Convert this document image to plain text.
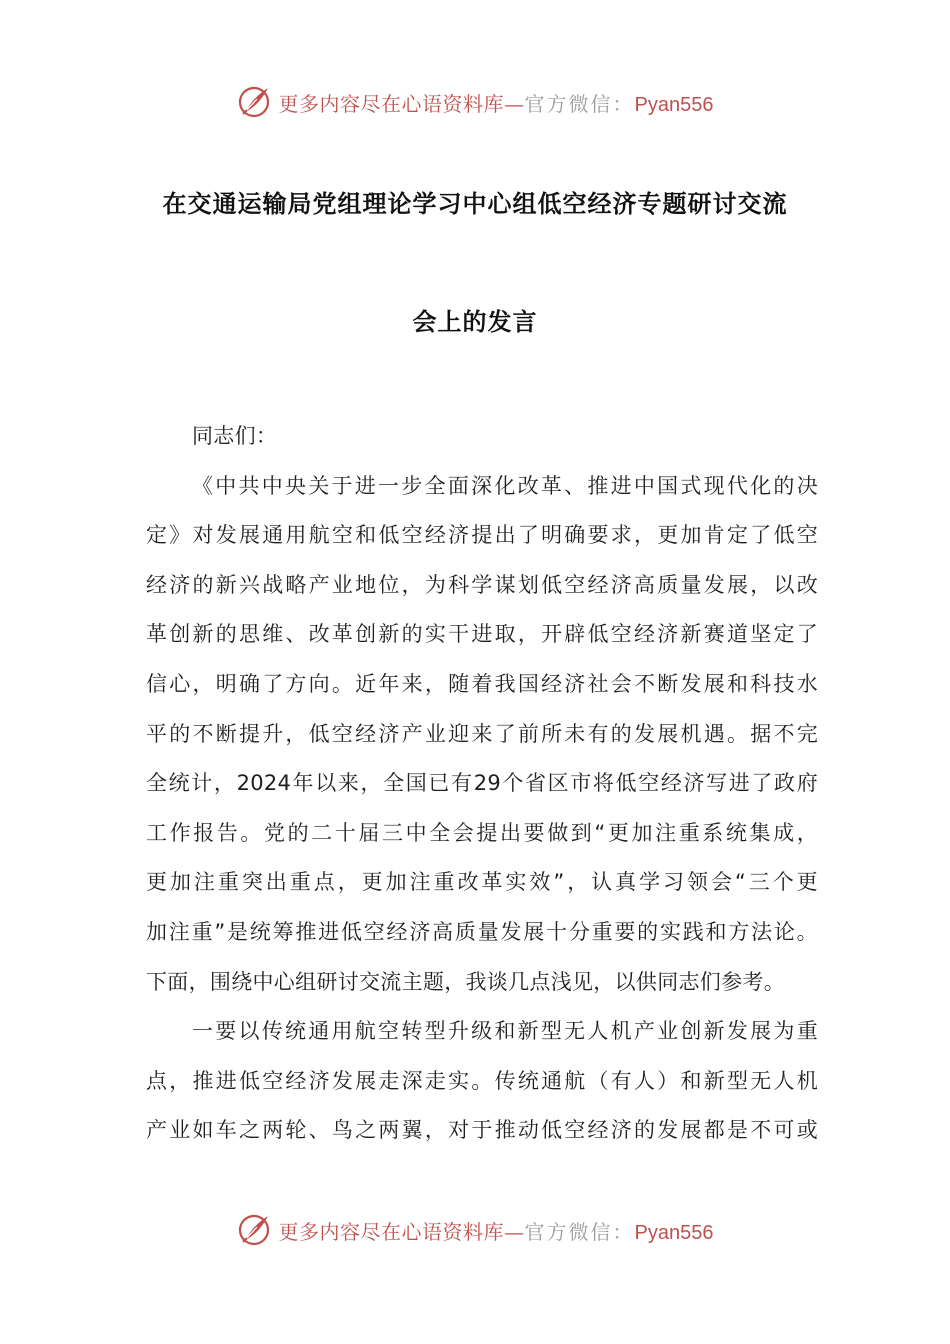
更多内容尽在心语资料库—官方微信：Pyan556
在交通运输局党组理论学习中心组低空经济专题研讨交流
会上的发言
同志们：
《中共中央关于进一步全面深化改革、推进中国式现代化的决
定》对发展通用航空和低空经济提出了明确要求，更加肯定了低空
经济的新兴战略产业地位，为科学谋划低空经济高质量发展，以改
革创新的思维、改革创新的实干进取，开辟低空经济新赛道坚定了
信心，明确了方向。近年来，随着我国经济社会不断发展和科技水
平的不断提升，低空经济产业迎来了前所未有的发展机遇。据不完
全统计，2024年以来，全国已有29个省区市将低空经济写进了政府
工作报告。党的二十届三中全会提出要做到“更加注重系统集成，
更加注重突出重点，更加注重改革实效”，认真学习领会“三个更
加注重”是统筹推进低空经济高质量发展十分重要的实践和方法论。
下面，围绕中心组研讨交流主题，我谈几点浅见，以供同志们参考。
一要以传统通用航空转型升级和新型无人机产业创新发展为重
点，推进低空经济发展走深走实。传统通航（有人）和新型无人机
产业如车之两轮、鸟之两翼，对于推动低空经济的发展都是不可或
更多内容尽在心语资料库—官方微信：Pyan556
